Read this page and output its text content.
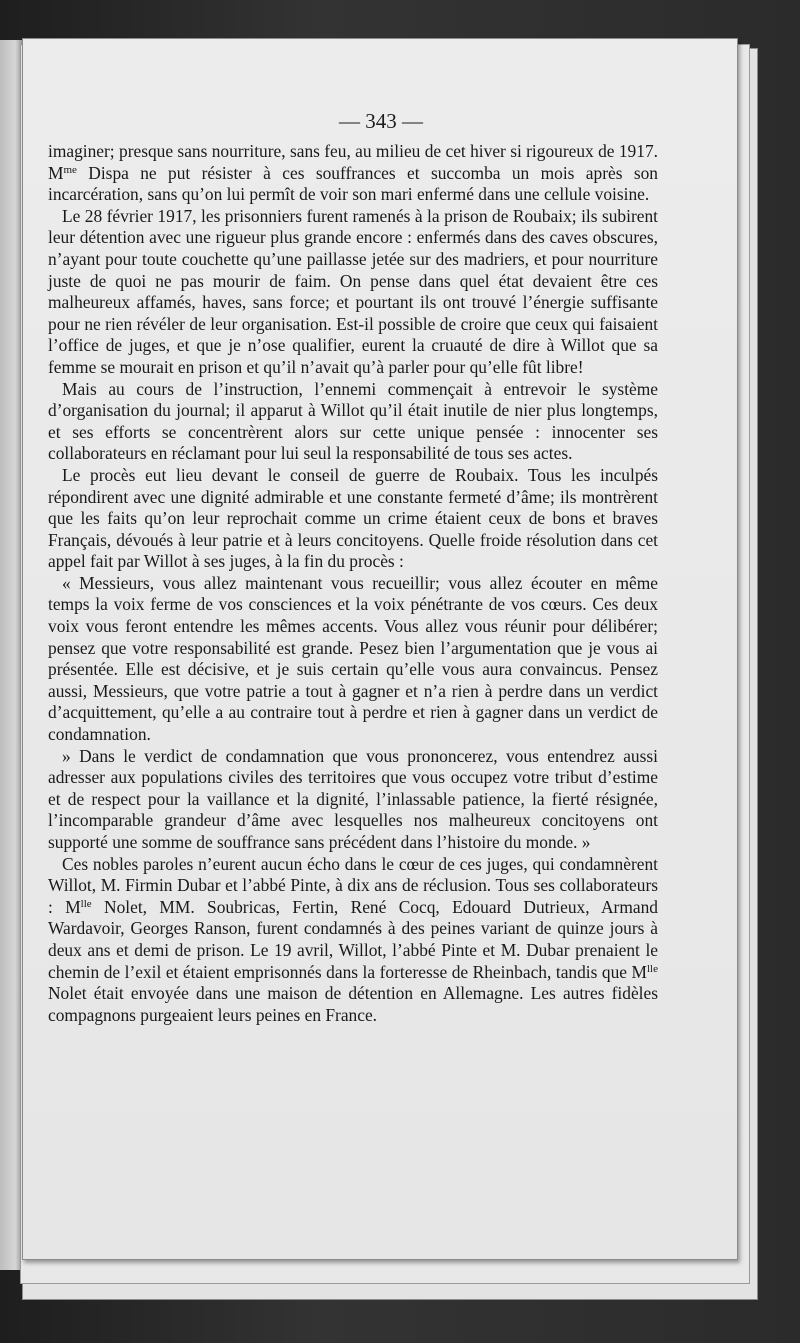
— 343 —

imaginer; presque sans nourriture, sans feu, au milieu de cet hiver si rigoureux de 1917. $M^{me}$ Dispa ne put résister à ces souffrances et succomba un mois après son incarcération, sans qu’on lui permît de voir son mari enfermé dans une cellule voisine.

Le 28 février 1917, les prisonniers furent ramenés à la prison de Roubaix; ils subirent leur détention avec une rigueur plus grande encore : enfermés dans des caves obscures, n’ayant pour toute couchette qu’une paillasse jetée sur des madriers, et pour nourriture juste de quoi ne pas mourir de faim. On pense dans quel état devaient être ces malheureux affamés, haves, sans force; et pourtant ils ont trouvé l’énergie suffisante pour ne rien révéler de leur organisation. Est-il possible de croire que ceux qui faisaient l’office de juges, et que je n’ose qualifier, eurent la cruauté de dire à Willot que sa femme se mourait en prison et qu’il n’avait qu’à parler pour qu’elle fût libre!

Mais au cours de l’instruction, l’ennemi commençait à entrevoir le système d’organisation du journal; il apparut à Willot qu’il était inutile de nier plus longtemps, et ses efforts se concentrèrent alors sur cette unique pensée : innocenter ses collaborateurs en réclamant pour lui seul la responsabilité de tous ses actes.

Le procès eut lieu devant le conseil de guerre de Roubaix. Tous les inculpés répondirent avec une dignité admirable et une constante fermeté d’âme; ils montrèrent que les faits qu’on leur reprochait comme un crime étaient ceux de bons et braves Français, dévoués à leur patrie et à leurs concitoyens. Quelle froide résolution dans cet appel fait par Willot à ses juges, à la fin du procès :

« Messieurs, vous allez maintenant vous recueillir; vous allez écouter en même temps la voix ferme de vos consciences et la voix pénétrante de vos cœurs. Ces deux voix vous feront entendre les mêmes accents. Vous allez vous réunir pour délibérer; pensez que votre responsabilité est grande. Pesez bien l’argumentation que je vous ai présentée. Elle est décisive, et je suis certain qu’elle vous aura convaincus. Pensez aussi, Messieurs, que votre patrie a tout à gagner et n’a rien à perdre dans un verdict d’acquittement, qu’elle a au contraire tout à perdre et rien à gagner dans un verdict de condamnation.

» Dans le verdict de condamnation que vous prononcerez, vous entendrez aussi adresser aux populations civiles des territoires que vous occupez votre tribut d’estime et de respect pour la vaillance et la dignité, l’inlassable patience, la fierté résignée, l’incomparable grandeur d’âme avec lesquelles nos malheureux concitoyens ont supporté une somme de souffrance sans précédent dans l’histoire du monde. »

Ces nobles paroles n’eurent aucun écho dans le cœur de ces juges, qui condamnèrent Willot, M. Firmin Dubar et l’abbé Pinte, à dix ans de réclusion. Tous ses collaborateurs : $M^{lle}$ Nolet, MM. Soubricas, Fertin, René Cocq, Edouard Dutrieux, Armand Wardavoir, Georges Ranson, furent condamnés à des peines variant de quinze jours à deux ans et demi de prison. Le 19 avril, Willot, l’abbé Pinte et M. Dubar prenaient le chemin de l’exil et étaient emprisonnés dans la forteresse de Rheinbach, tandis que $M^{lle}$ Nolet était envoyée dans une maison de détention en Allemagne. Les autres fidèles compagnons purgeaient leurs peines en France.
